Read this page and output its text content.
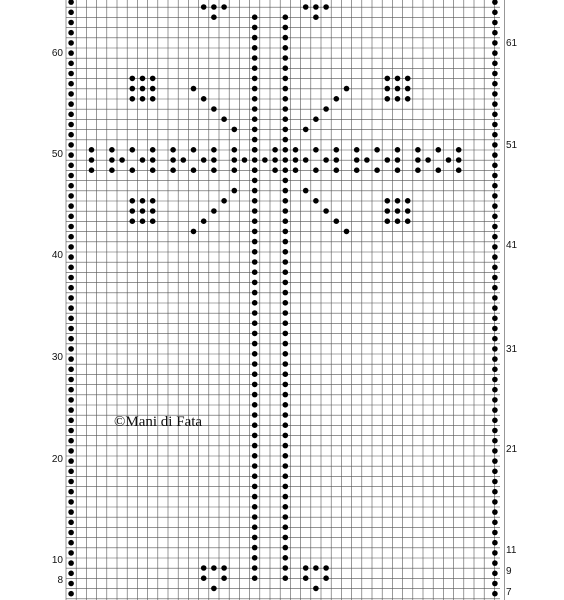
60
50
40
30
20
10
8
61
51
41
31
21
11
9
7
©Mani di Fata
